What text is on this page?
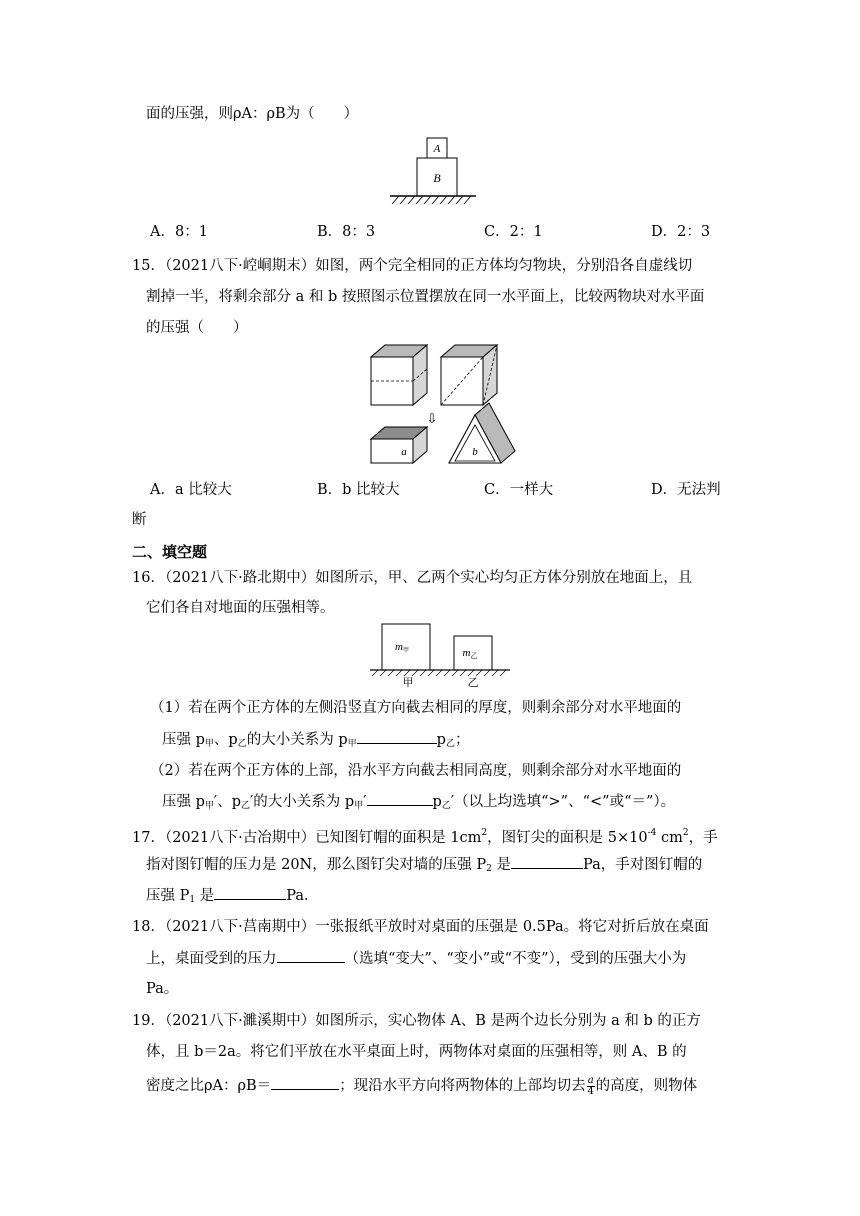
面的压强，则ρA：ρB为（　　）
A
B
A．8：1	B．8：3	C．2：1	D．2：3
15．（2021八下·崆峒期末）如图，两个完全相同的正方体均匀物块，分别沿各自虚线切
割掉一半，将剩余部分 a 和 b 按照图示位置摆放在同一水平面上，比较两物块对水平面
的压强（　　）
⇩
a	b
A．a 比较大	B．b 比较大	C．一样大	D．无法判
断
二、填空题
16．（2021八下·路北期中）如图所示，甲、乙两个实心均匀正方体分别放在地面上，且
它们各自对地面的压强相等。
m甲	m乙
甲	乙
（1）若在两个正方体的左侧沿竖直方向截去相同的厚度，则剩余部分对水平地面的
压强 $p_甲$、$p_乙$的大小关系为 $p_甲$	$p_乙$；
（2）若在两个正方体的上部，沿水平方向截去相同高度，则剩余部分对水平地面的
压强 $p_甲'$、$p_乙'$的大小关系为 $p_甲'$	$p_乙'$（以上均选填“>”、“<”或“＝”）。
17．（2021八下·古冶期中）已知图钉帽的面积是 $1cm^2$，图钉尖的面积是 $5\times 10^{-4}$ $cm^2$，手
指对图钉帽的压力是 20N，那么图钉尖对墙的压强 $P_2$ 是	Pa，手对图钉帽的
压强 $P_1$ 是	Pa．
18．（2021八下·莒南期中）一张报纸平放时对桌面的压强是 0.5Pa。将它对折后放在桌面
上，桌面受到的压力	（选填“变大”、“变小”或“不变”），受到的压强大小为
Pa。
19．（2021八下·濉溪期中）如图所示，实心物体 A、B 是两个边长分别为 a 和 b 的正方
体，且 b＝2a。将它们平放在水平桌面上时，两物体对桌面的压强相等，则 A、B 的
密度之比ρA：ρB＝	；现沿水平方向将两物体的上部均切去 $\frac{a}{4}$ 的高度，则物体
